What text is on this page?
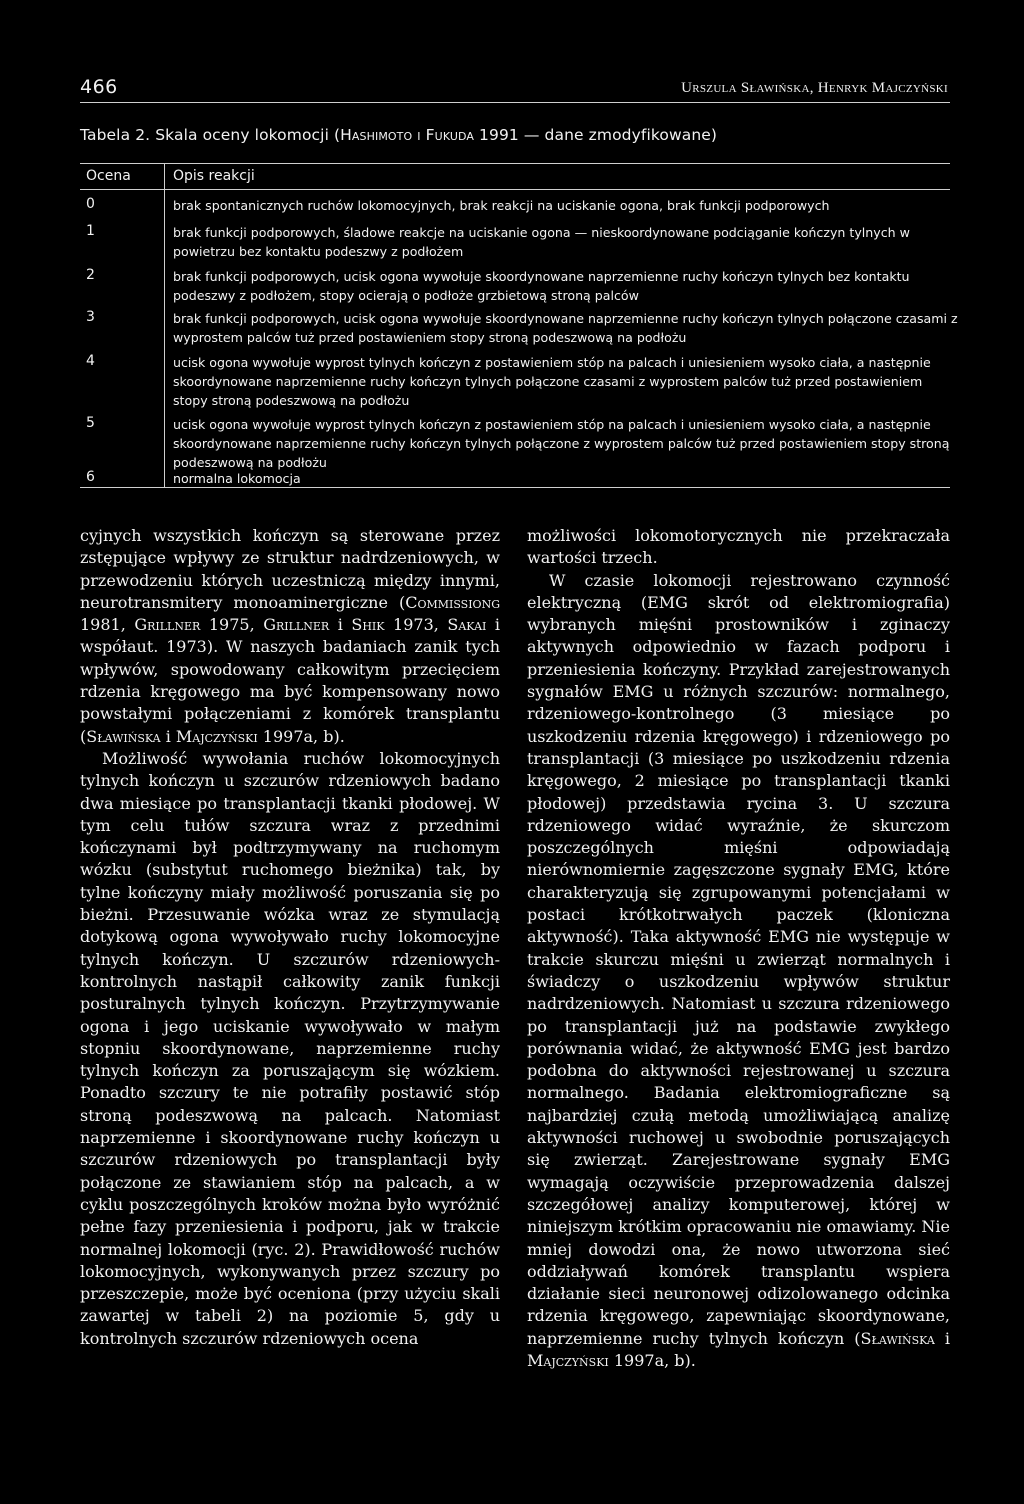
466	Urszula Sławińska, Henryk Majczyński
Tabela 2. Skala oceny lokomocji (Hashimoto i Fukuda 1991 — dane zmodyfikowane)
Ocena	Opis reakcji
0	brak spontanicznych ruchów lokomocyjnych, brak reakcji na uciskanie ogona, brak funkcji podporowych
1	brak funkcji podporowych, śladowe reakcje na uciskanie ogona — nieskoordynowane podciąganie kończyn tylnych w powietrzu bez kontaktu podeszwy z podłożem
2	brak funkcji podporowych, ucisk ogona wywołuje skoordynowane naprzemienne ruchy kończyn tylnych bez kontaktu podeszwy z podłożem, stopy ocierają o podłoże grzbietową stroną palców
3	brak funkcji podporowych, ucisk ogona wywołuje skoordynowane naprzemienne ruchy kończyn tylnych połączone czasami z wyprostem palców tuż przed postawieniem stopy stroną podeszwową na podłożu
4	ucisk ogona wywołuje wyprost tylnych kończyn z postawieniem stóp na palcach i uniesieniem wysoko ciała, a następnie skoordynowane naprzemienne ruchy kończyn tylnych połączone czasami z wyprostem palców tuż przed postawieniem stopy stroną podeszwową na podłożu
5	ucisk ogona wywołuje wyprost tylnych kończyn z postawieniem stóp na palcach i uniesieniem wysoko ciała, a następnie skoordynowane naprzemienne ruchy kończyn tylnych połączone z wyprostem palców tuż przed postawieniem stopy stroną podeszwową na podłożu
6	normalna lokomocja

cyjnych wszystkich kończyn są sterowane przez zstępujące wpływy ze struktur nadrdzeniowych, w przewodzeniu których uczestniczą między innymi, neurotransmitery monoaminergiczne (Commissiong 1981, Grillner 1975, Grillner i Shik 1973, Sakai i współaut. 1973). W naszych badaniach zanik tych wpływów, spowodowany całkowitym przecięciem rdzenia kręgowego ma być kompensowany nowo powstałymi połączeniami z komórek transplantu (Sławińska i Majczyński 1997a, b).

Możliwość wywołania ruchów lokomocyjnych tylnych kończyn u szczurów rdzeniowych badano dwa miesiące po transplantacji tkanki płodowej. W tym celu tułów szczura wraz z przednimi kończynami był podtrzymywany na ruchomym wózku (substytut ruchomego bieżnika) tak, by tylne kończyny miały możliwość poruszania się po bieżni. Przesuwanie wózka wraz ze stymulacją dotykową ogona wywoływało ruchy lokomocyjne tylnych kończyn. U szczurów rdzeniowych-kontrolnych nastąpił całkowity zanik funkcji posturalnych tylnych kończyn. Przytrzymywanie ogona i jego uciskanie wywoływało w małym stopniu skoordynowane, naprzemienne ruchy tylnych kończyn za poruszającym się wózkiem. Ponadto szczury te nie potrafiły postawić stóp stroną podeszwową na palcach. Natomiast naprzemienne i skoordynowane ruchy kończyn u szczurów rdzeniowych po transplantacji były połączone ze stawianiem stóp na palcach, a w cyklu poszczególnych kroków można było wyróżnić pełne fazy przeniesienia i podporu, jak w trakcie normalnej lokomocji (ryc. 2). Prawidłowość ruchów lokomocyjnych, wykonywanych przez szczury po przeszczepie, może być oceniona (przy użyciu skali zawartej w tabeli 2) na poziomie 5, gdy u kontrolnych szczurów rdzeniowych ocena

możliwości lokomotorycznych nie przekraczała wartości trzech.

W czasie lokomocji rejestrowano czynność elektryczną (EMG skrót od elektromiografia) wybranych mięśni prostowników i zginaczy aktywnych odpowiednio w fazach podporu i przeniesienia kończyny. Przykład zarejestrowanych sygnałów EMG u różnych szczurów: normalnego, rdzeniowego-kontrolnego (3 miesiące po uszkodzeniu rdzenia kręgowego) i rdzeniowego po transplantacji (3 miesiące po uszkodzeniu rdzenia kręgowego, 2 miesiące po transplantacji tkanki płodowej) przedstawia rycina 3. U szczura rdzeniowego widać wyraźnie, że skurczom poszczególnych mięśni odpowiadają nierównomiernie zagęszczone sygnały EMG, które charakteryzują się zgrupowanymi potencjałami w postaci krótkotrwałych paczek (kloniczna aktywność). Taka aktywność EMG nie występuje w trakcie skurczu mięśni u zwierząt normalnych i świadczy o uszkodzeniu wpływów struktur nadrdzeniowych. Natomiast u szczura rdzeniowego po transplantacji już na podstawie zwykłego porównania widać, że aktywność EMG jest bardzo podobna do aktywności rejestrowanej u szczura normalnego. Badania elektromiograficzne są najbardziej czułą metodą umożliwiającą analizę aktywności ruchowej u swobodnie poruszających się zwierząt. Zarejestrowane sygnały EMG wymagają oczywiście przeprowadzenia dalszej szczegółowej analizy komputerowej, której w niniejszym krótkim opracowaniu nie omawiamy. Nie mniej dowodzi ona, że nowo utworzona sieć oddziaływań komórek transplantu wspiera działanie sieci neuronowej odizolowanego odcinka rdzenia kręgowego, zapewniając skoordynowane, naprzemienne ruchy tylnych kończyn (Sławińska i Majczyński 1997a, b).
